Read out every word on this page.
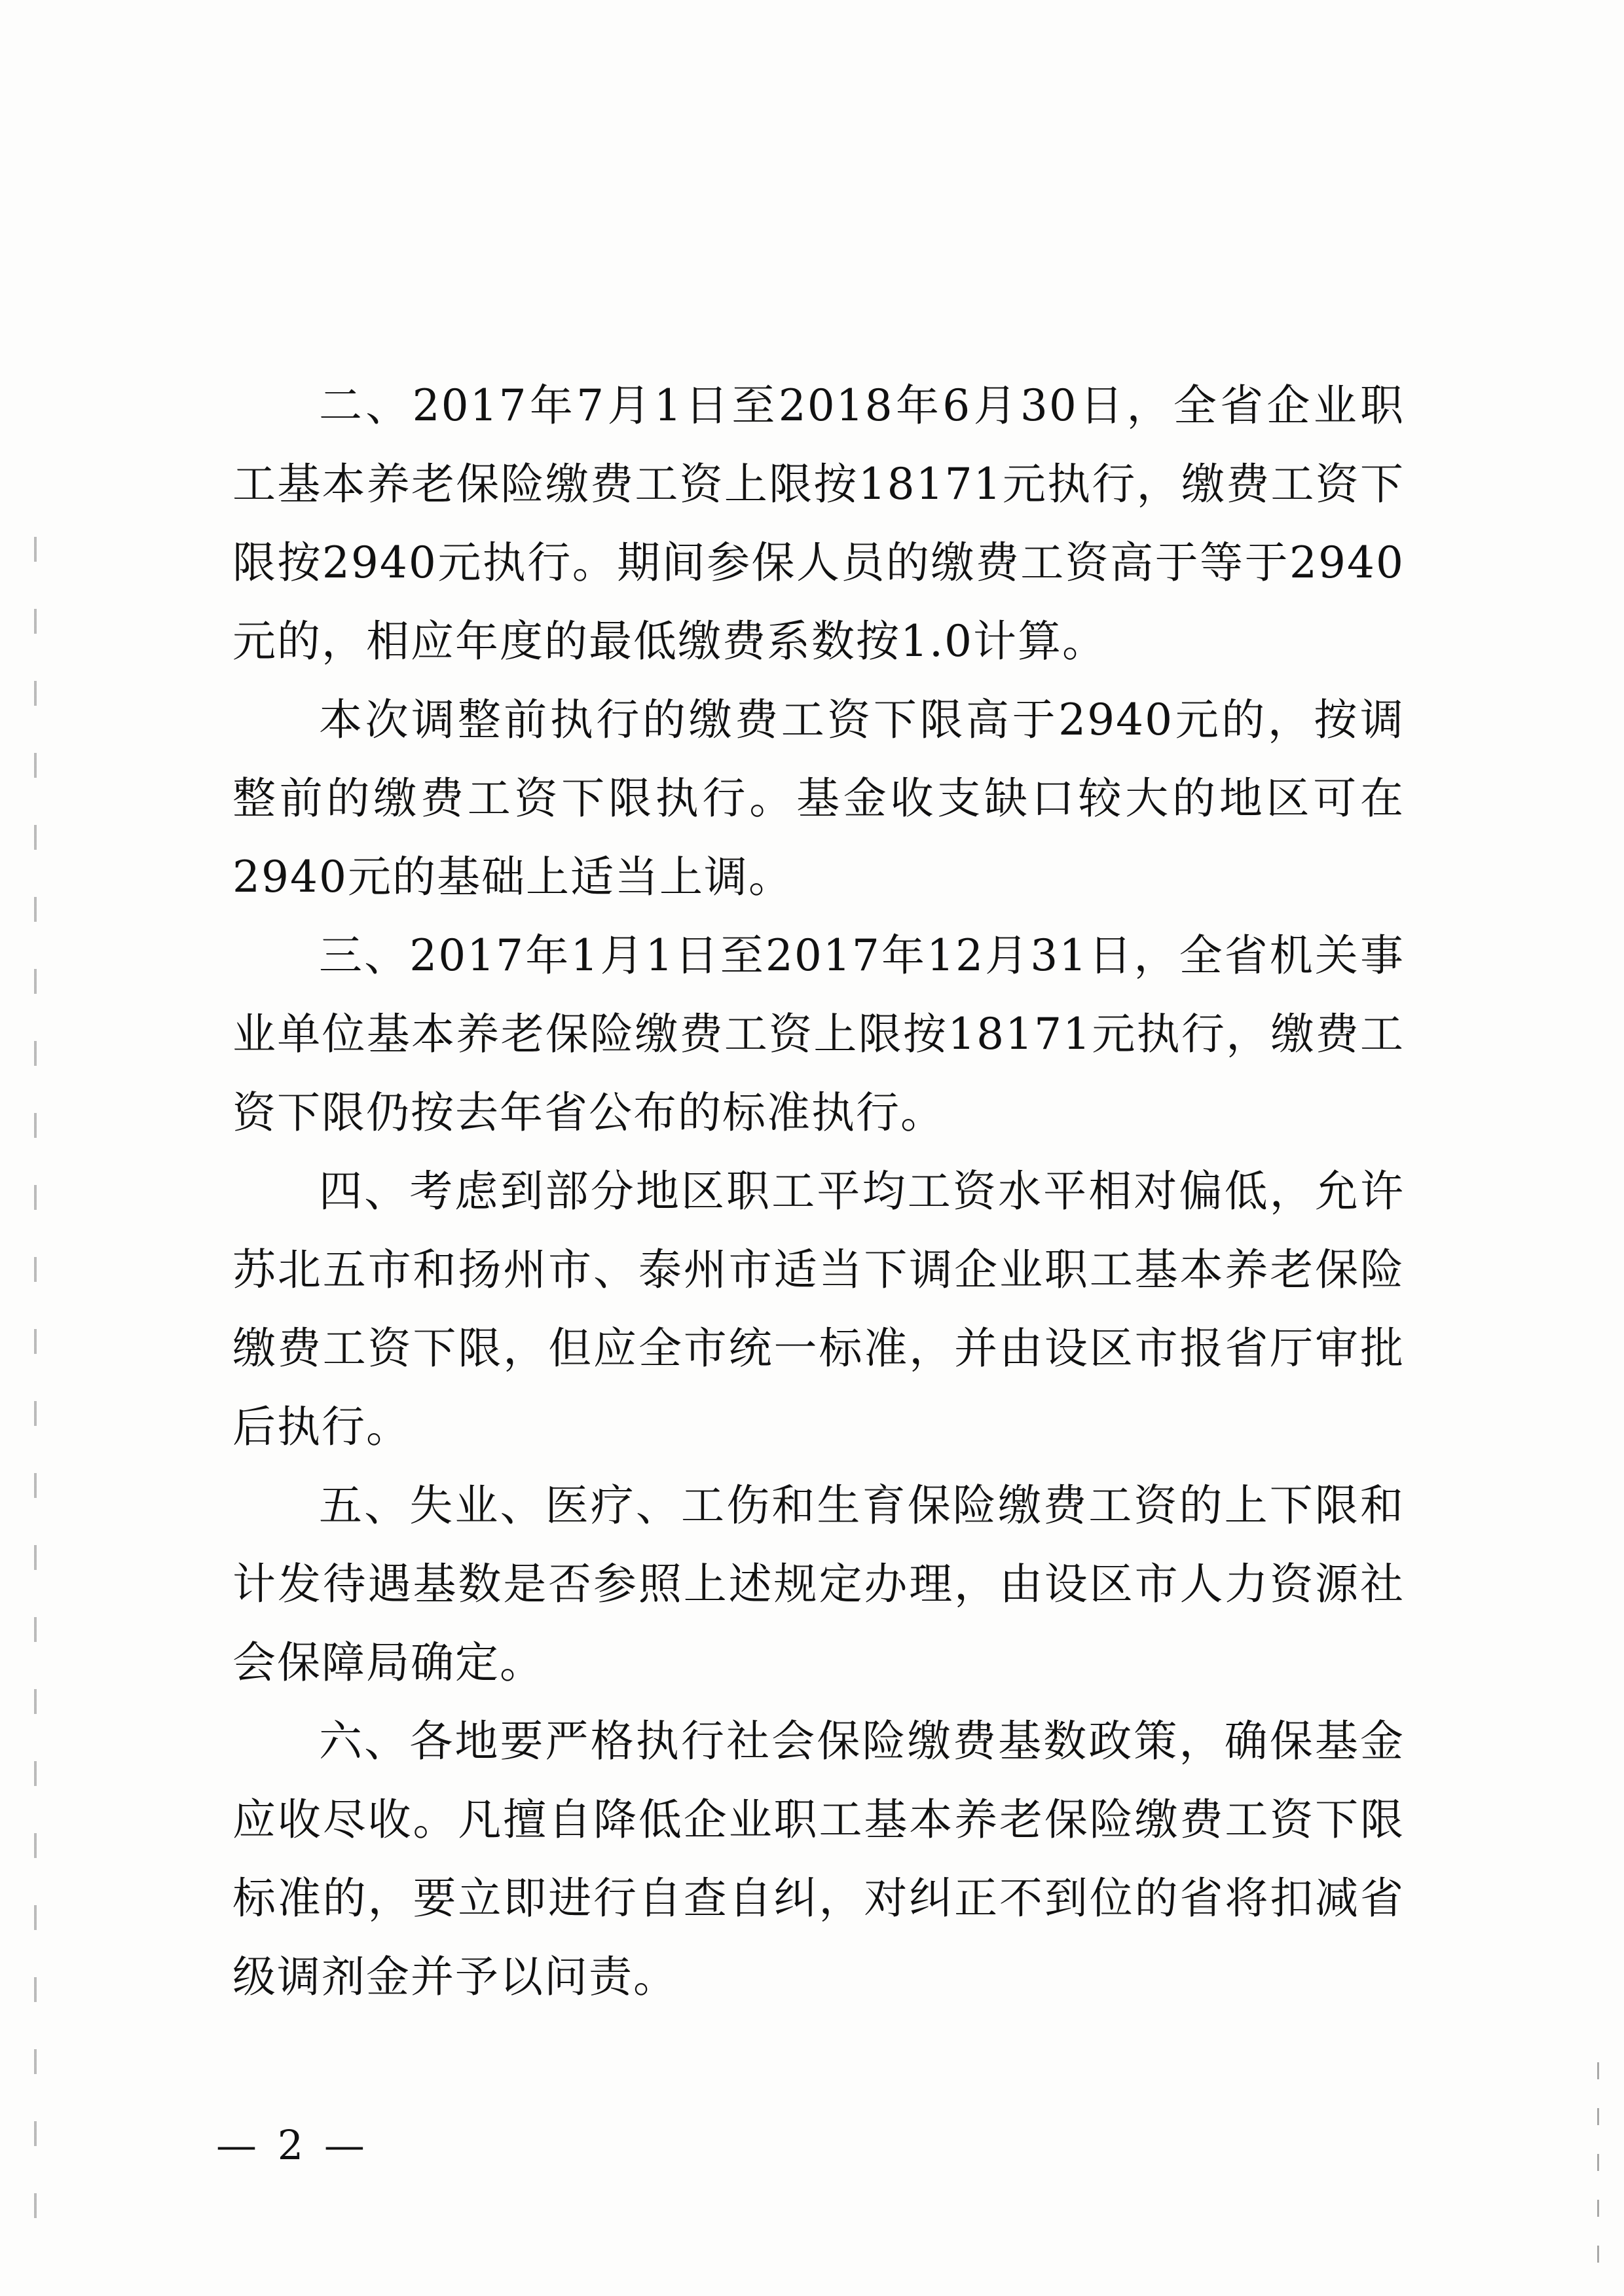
二、2017年7月1日至2018年6月30日，全省企业职工基本养老保险缴费工资上限按18171元执行，缴费工资下限按2940元执行。期间参保人员的缴费工资高于等于2940元的，相应年度的最低缴费系数按1.0计算。

本次调整前执行的缴费工资下限高于2940元的，按调整前的缴费工资下限执行。基金收支缺口较大的地区可在2940元的基础上适当上调。

三、2017年1月1日至2017年12月31日，全省机关事业单位基本养老保险缴费工资上限按18171元执行，缴费工资下限仍按去年省公布的标准执行。

四、考虑到部分地区职工平均工资水平相对偏低，允许苏北五市和扬州市、泰州市适当下调企业职工基本养老保险缴费工资下限，但应全市统一标准，并由设区市报省厅审批后执行。

五、失业、医疗、工伤和生育保险缴费工资的上下限和计发待遇基数是否参照上述规定办理，由设区市人力资源社会保障局确定。

六、各地要严格执行社会保险缴费基数政策，确保基金应收尽收。凡擅自降低企业职工基本养老保险缴费工资下限标准的，要立即进行自查自纠，对纠正不到位的省将扣减省级调剂金并予以问责。

— 2 —
